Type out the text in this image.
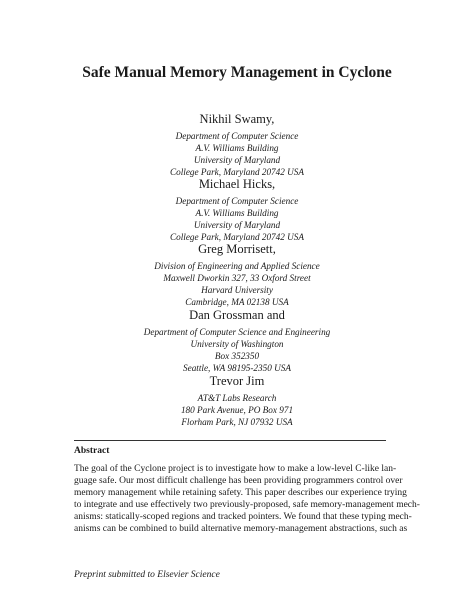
Safe Manual Memory Management in Cyclone
Nikhil Swamy,
Department of Computer Science
A.V. Williams Building
University of Maryland
College Park, Maryland 20742 USA
Michael Hicks,
Department of Computer Science
A.V. Williams Building
University of Maryland
College Park, Maryland 20742 USA
Greg Morrisett,
Division of Engineering and Applied Science
Maxwell Dworkin 327, 33 Oxford Street
Harvard University
Cambridge, MA 02138 USA
Dan Grossman and
Department of Computer Science and Engineering
University of Washington
Box 352350
Seattle, WA 98195-2350 USA
Trevor Jim
AT&T Labs Research
180 Park Avenue, PO Box 971
Florham Park, NJ 07932 USA
Abstract
The goal of the Cyclone project is to investigate how to make a low-level C-like lan-
guage safe. Our most difficult challenge has been providing programmers control over
memory management while retaining safety. This paper describes our experience trying
to integrate and use effectively two previously-proposed, safe memory-management mech-
anisms: statically-scoped regions and tracked pointers. We found that these typing mech-
anisms can be combined to build alternative memory-management abstractions, such as
Preprint submitted to Elsevier Science
